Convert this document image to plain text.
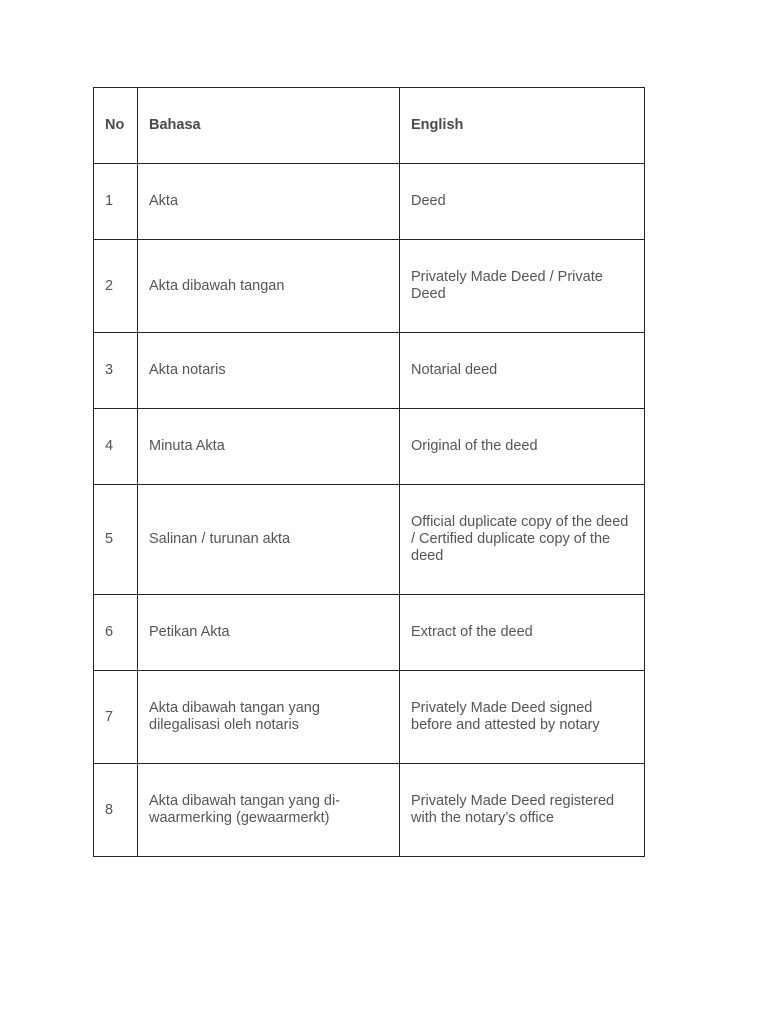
No	Bahasa	English
1	Akta	Deed
2	Akta dibawah tangan	Privately Made Deed / Private Deed
3	Akta notaris	Notarial deed
4	Minuta Akta	Original of the deed
5	Salinan / turunan akta	Official duplicate copy of the deed / Certified duplicate copy of the deed
6	Petikan Akta	Extract of the deed
7	Akta dibawah tangan yang dilegalisasi oleh notaris	Privately Made Deed signed before and attested by notary
8	Akta dibawah tangan yang di-waarmerking (gewaarmerkt)	Privately Made Deed registered with the notary’s office
